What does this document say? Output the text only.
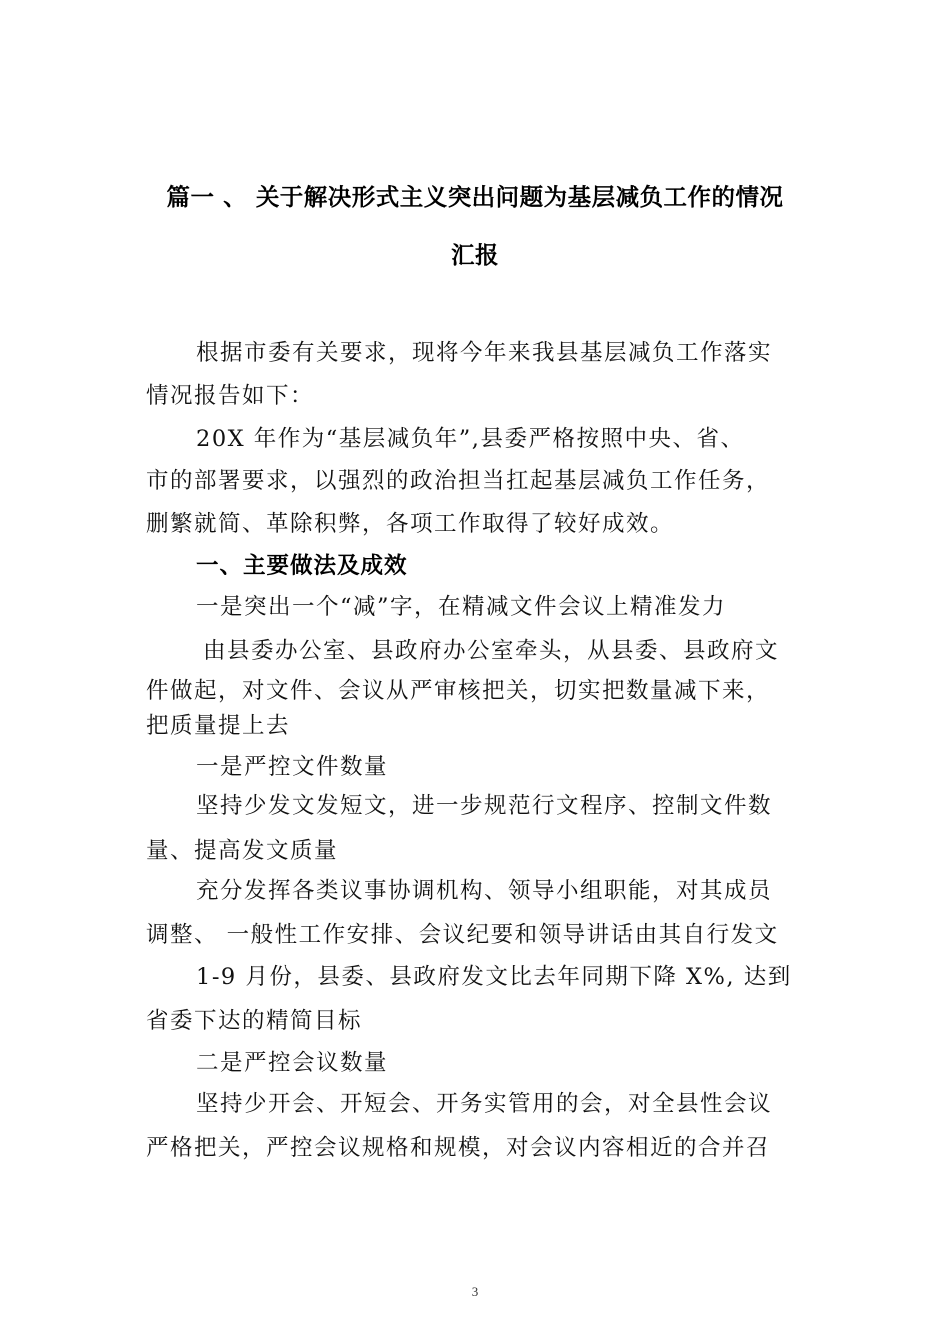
篇一 、 关于解决形式主义突出问题为基层减负工作的情况
汇报
根据市委有关要求，现将今年来我县基层减负工作落实
情况报告如下：
20X 年作为“基层减负年”,县委严格按照中央、省、
市的部署要求，以强烈的政治担当扛起基层减负工作任务，
删繁就简、革除积弊，各项工作取得了较好成效。
一、主要做法及成效
一是突出一个“减”字，在精减文件会议上精准发力
由县委办公室、县政府办公室牵头，从县委、县政府文
件做起，对文件、会议从严审核把关，切实把数量减下来，
把质量提上去
一是严控文件数量
坚持少发文发短文，进一步规范行文程序、控制文件数
量、提高发文质量
充分发挥各类议事协调机构、领导小组职能，对其成员
调整、 一般性工作安排、会议纪要和领导讲话由其自行发文
1-9 月份，县委、县政府发文比去年同期下降 X%, 达到
省委下达的精简目标
二是严控会议数量
坚持少开会、开短会、开务实管用的会，对全县性会议
严格把关，严控会议规格和规模，对会议内容相近的合并召
3
